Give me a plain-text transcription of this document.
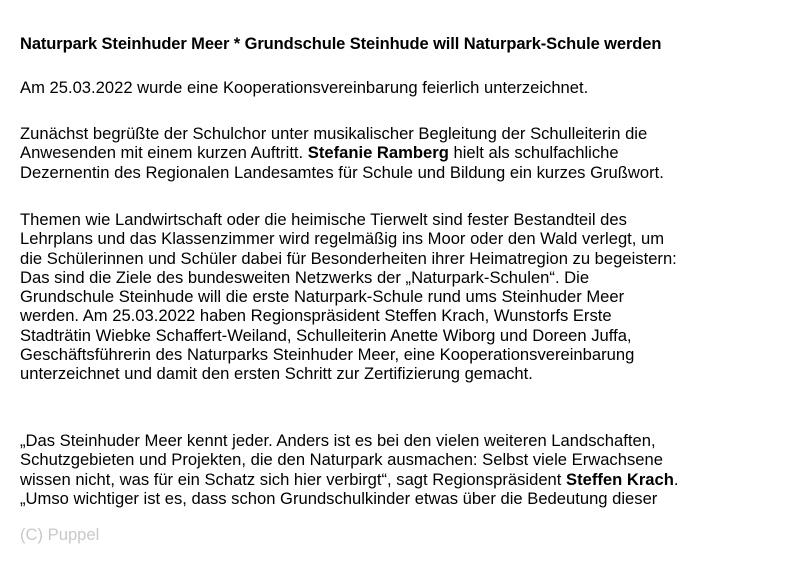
Naturpark Steinhuder Meer * Grundschule Steinhude will Naturpark-Schule werden
Am 25.03.2022 wurde eine Kooperationsvereinbarung feierlich unterzeichnet.
Zunächst begrüßte der Schulchor unter musikalischer Begleitung der Schulleiterin die
Anwesenden mit einem kurzen Auftritt. Stefanie Ramberg hielt als schulfachliche
Dezernentin des Regionalen Landesamtes für Schule und Bildung ein kurzes Grußwort.
Themen wie Landwirtschaft oder die heimische Tierwelt sind fester Bestandteil des
Lehrplans und das Klassenzimmer wird regelmäßig ins Moor oder den Wald verlegt, um
die Schülerinnen und Schüler dabei für Besonderheiten ihrer Heimatregion zu begeistern:
Das sind die Ziele des bundesweiten Netzwerks der „Naturpark-Schulen“. Die
Grundschule Steinhude will die erste Naturpark-Schule rund ums Steinhuder Meer
werden. Am 25.03.2022 haben Regionspräsident Steffen Krach, Wunstorfs Erste
Stadträtin Wiebke Schaffert-Weiland, Schulleiterin Anette Wiborg und Doreen Juffa,
Geschäftsführerin des Naturparks Steinhuder Meer, eine Kooperationsvereinbarung
unterzeichnet und damit den ersten Schritt zur Zertifizierung gemacht.
„Das Steinhuder Meer kennt jeder. Anders ist es bei den vielen weiteren Landschaften,
Schutzgebieten und Projekten, die den Naturpark ausmachen: Selbst viele Erwachsene
wissen nicht, was für ein Schatz sich hier verbirgt“, sagt Regionspräsident Steffen Krach.
„Umso wichtiger ist es, dass schon Grundschulkinder etwas über die Bedeutung dieser
(C) Puppel
